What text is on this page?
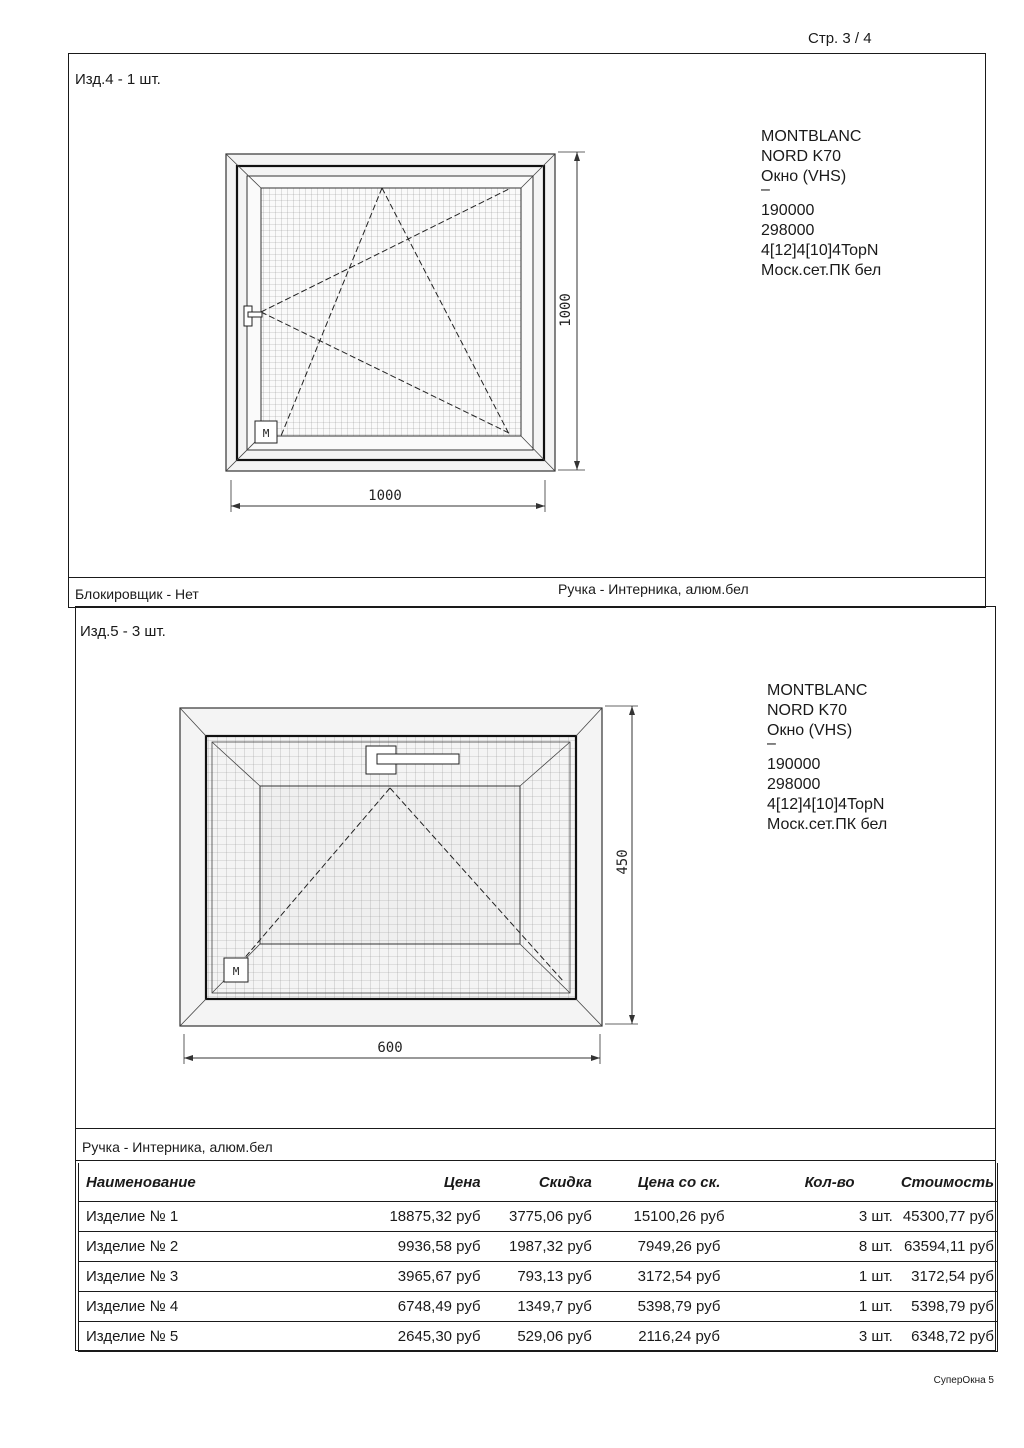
Стр. 3 / 4
Изд.4 - 1 шт.
M
1000
1000
MONTBLANC
NORD K70
Окно (VHS)
–
190000
298000
4[12]4[10]4TopN
Моск.сет.ПК бел
Блокировщик - Нет	Ручка - Интерника, алюм.бел
Изд.5 - 3 шт.
M
450
600
MONTBLANC
NORD K70
Окно (VHS)
–
190000
298000
4[12]4[10]4TopN
Моск.сет.ПК бел
Ручка - Интерника, алюм.бел
Наименование	Цена	Скидка	Цена со ск.	Кол-во	Стоимость
Изделие № 1	18875,32 руб	3775,06 руб	15100,26 руб	3 шт.	45300,77 руб
Изделие № 2	9936,58 руб	1987,32 руб	7949,26 руб	8 шт.	63594,11 руб
Изделие № 3	3965,67 руб	793,13 руб	3172,54 руб	1 шт.	3172,54 руб
Изделие № 4	6748,49 руб	1349,7 руб	5398,79 руб	1 шт.	5398,79 руб
Изделие № 5	2645,30 руб	529,06 руб	2116,24 руб	3 шт.	6348,72 руб
СуперОкна 5
